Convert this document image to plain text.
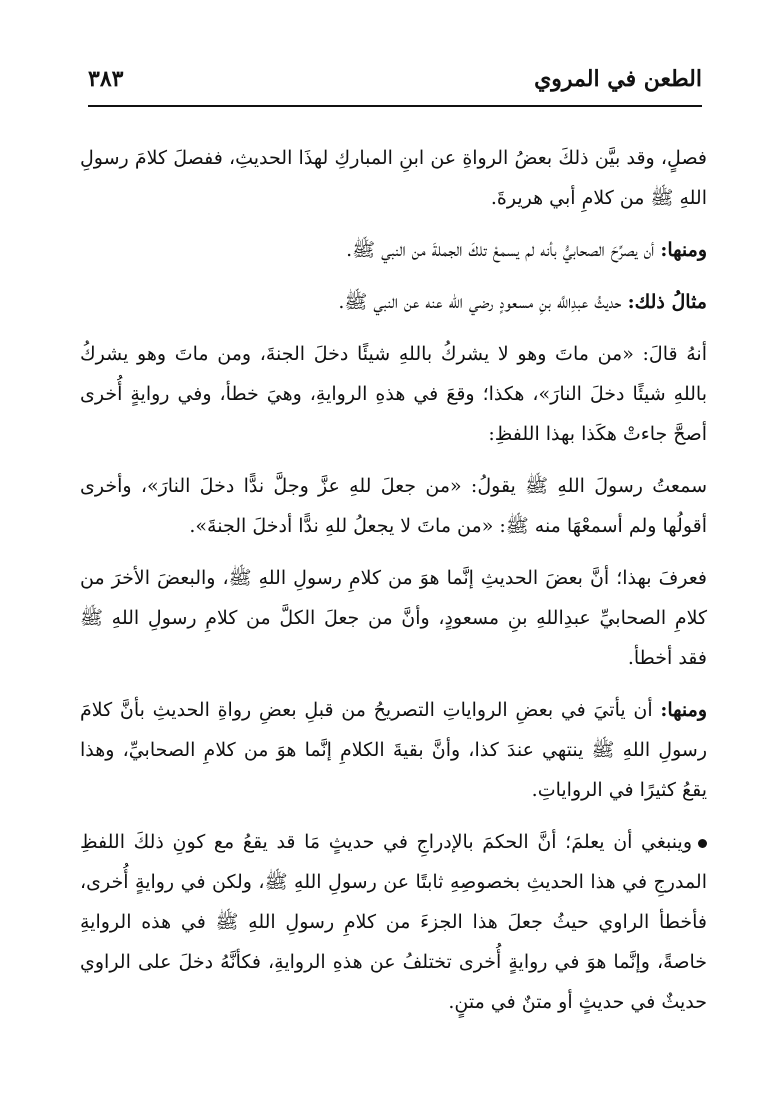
الطعن في المروي
٣٨٣

فصلٍ، وقد بيَّن ذلكَ بعضُ الرواةِ عن ابنِ المباركِ لهذَا الحديثِ، ففصلَ كلامَ رسولِ اللهِ ﷺ من كلامِ أبي هريرةَ.

ومنها: أن يصرِّحَ الصحابيُّ بأنه لم يسمعْ تلكَ الجملةَ من النبي ﷺ.

مثالُ ذلك: حديثُ عبدِاللَّه بنِ مسعودٍ رضي الله عنه عن النبي ﷺ.

أنهُ قالَ: «من ماتَ وهو لا يشركُ باللهِ شيئًا دخلَ الجنةَ، ومن ماتَ وهو يشركُ باللهِ شيئًا دخلَ النارَ»، هكذا؛ وقعَ في هذهِ الروايةِ، وهيَ خطأ، وفي روايةٍ أُخرى أصحَّ جاءتْ هكَذا بهذا اللفظِ:

سمعتُ رسولَ اللهِ ﷺ يقولُ: «من جعلَ للهِ عزَّ وجلَّ ندًّا دخلَ النارَ»، وأخرى أقولُها ولم أسمعْهَا منه ﷺ: «من ماتَ لا يجعلُ للهِ ندًّا أدخلَ الجنةَ».

فعرفَ بهذا؛ أنَّ بعضَ الحديثِ إنَّما هوَ من كلامِ رسولِ اللهِ ﷺ، والبعضَ الأخرَ من كلامِ الصحابيِّ عبدِاللهِ بنِ مسعودٍ، وأنَّ من جعلَ الكلَّ من كلامِ رسولِ اللهِ ﷺ فقد أخطأ.

ومنها: أن يأتيَ في بعضِ الرواياتِ التصريحُ من قبلِ بعضِ رواةِ الحديثِ بأنَّ كلامَ رسولِ اللهِ ﷺ ينتهي عندَ كذا، وأنَّ بقيةَ الكلامِ إنَّما هوَ من كلامِ الصحابيِّ، وهذا يقعُ كثيرًا في الرواياتِ.

وينبغي أن يعلمَ؛ أنَّ الحكمَ بالإدراجِ في حديثٍ مَا قد يقعُ مع كونِ ذلكَ اللفظِ المدرجِ في هذا الحديثِ بخصوصِهِ ثابتًا عن رسولِ اللهِ ﷺ، ولكن في روايةٍ أُخرى، فأخطأ الراوي حيثُ جعلَ هذا الجزءَ من كلامِ رسولِ اللهِ ﷺ في هذه الروايةِ خاصةً، وإنَّما هوَ في روايةٍ أُخرى تختلفُ عن هذهِ الروايةِ، فكأنَّهُ دخلَ على الراوي حديثٌ في حديثٍ أو متنٌ في متنٍ.
